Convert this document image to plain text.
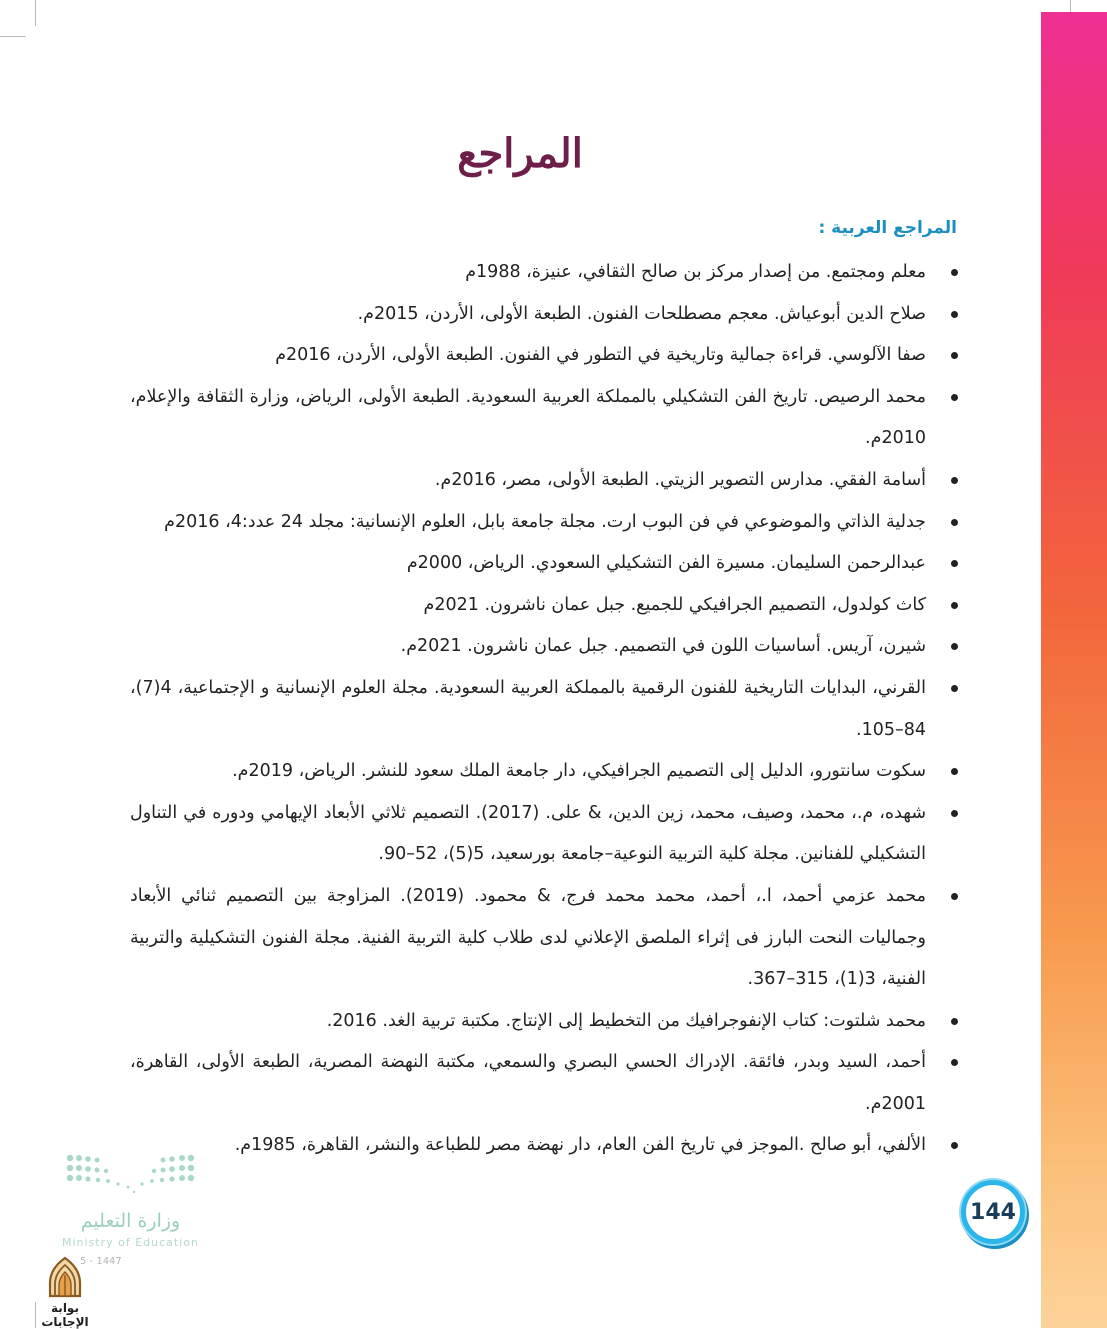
المراجع
المراجع العربية :
معلم ومجتمع. من إصدار مركز بن صالح الثقافي، عنيزة، 1988م
صلاح الدين أبوعياش. معجم مصطلحات الفنون. الطبعة الأولى، الأردن، 2015م.
صفا الآلوسي. قراءة جمالية وتاريخية في التطور في الفنون. الطبعة الأولى، الأردن، 2016م
محمد الرصيص. تاريخ الفن التشكيلي بالمملكة العربية السعودية. الطبعة الأولى، الرياض، وزارة الثقافة والإعلام، 2010م.
أسامة الفقي. مدارس التصوير الزيتي. الطبعة الأولى، مصر، 2016م.
جدلية الذاتي والموضوعي في فن البوب ارت. مجلة جامعة بابل، العلوم الإنسانية: مجلد 24 عدد:4، 2016م
عبدالرحمن السليمان. مسيرة الفن التشكيلي السعودي. الرياض، 2000م
كاث كولدول، التصميم الجرافيكي للجميع. جبل عمان ناشرون. 2021م
شيرن، آريس. أساسيات اللون في التصميم. جبل عمان ناشرون. 2021م.
القرني، البدايات التاريخية للفنون الرقمية بالمملكة العربية السعودية. مجلة العلوم الإنسانية و الإجتماعية، 4(7)، 84–105.
سكوت سانتورو، الدليل إلى التصميم الجرافيكي، دار جامعة الملك سعود للنشر. الرياض، 2019م.
شهده، م.، محمد، وصيف، محمد، زين الدين، & على. (2017). التصميم ثلاثي الأبعاد الإيهامي ودوره في التناول التشكيلي للفنانين. مجلة كلية التربية النوعية–جامعة بورسعيد، 5(5)، 52–90.
محمد عزمي أحمد، ا.، أحمد، محمد محمد فرج، & محمود. (2019). المزاوجة بين التصميم ثنائي الأبعاد وجماليات النحت البارز فى إثراء الملصق الإعلاني لدى طلاب كلية التربية الفنية. مجلة الفنون التشكيلية والتربية الفنية، 3(1)، 315–367.
محمد شلتوت: كتاب الإنفوجرافيك من التخطيط إلى الإنتاج. مكتبة تربية الغد. 2016.
أحمد، السيد وبدر، فائقة. الإدراك الحسي البصري والسمعي، مكتبة النهضة المصرية، الطبعة الأولى، القاهرة، 2001م.
الألفي، أبو صالح .الموجز في تاريخ الفن العام، دار نهضة مصر للطباعة والنشر، القاهرة، 1985م.
144
وزارة التعليم
Ministry of Education
5 - 1447
بوابة الإجابات
